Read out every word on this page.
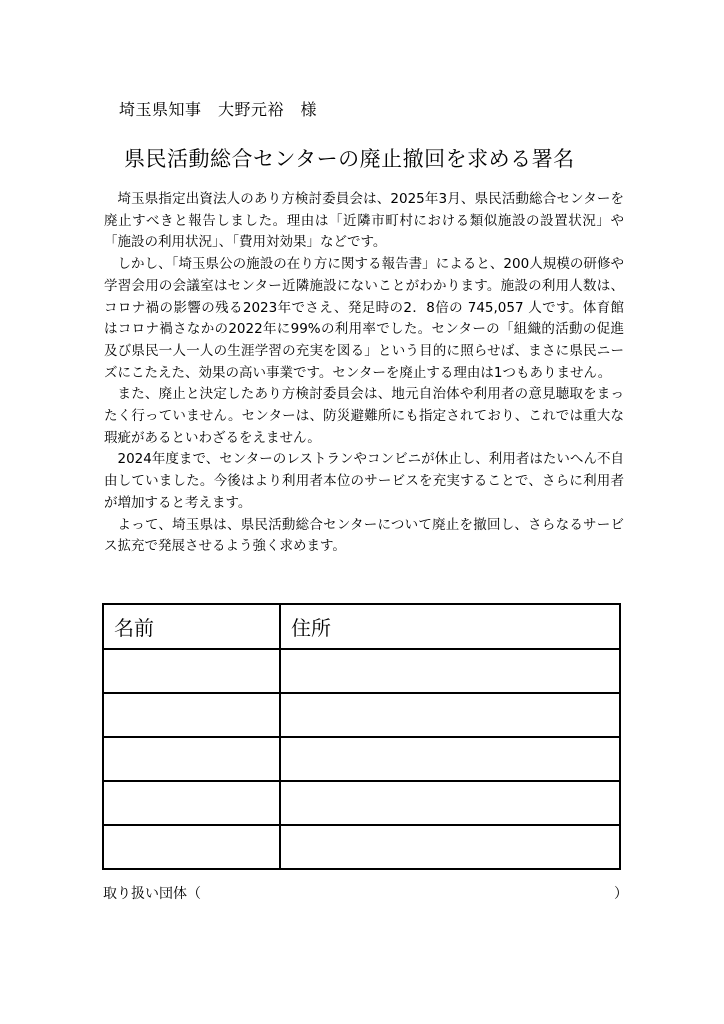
埼玉県知事　大野元裕　様
県民活動総合センターの廃止撤回を求める署名

埼玉県指定出資法人のあり方検討委員会は、2025年3月、県民活動総合センターを廃止すべきと報告しました。理由は「近隣市町村における類似施設の設置状況」や「施設の利用状況」、「費用対効果」などです。

しかし、「埼玉県公の施設の在り方に関する報告書」によると、200人規模の研修や学習会用の会議室はセンター近隣施設にないことがわかります。施設の利用人数は、コロナ禍の影響の残る2023年でさえ、発足時の2．8倍の 745,057 人です。体育館はコロナ禍さなかの2022年に99%の利用率でした。センターの「組織的活動の促進及び県民一人一人の生涯学習の充実を図る」という目的に照らせば、まさに県民ニーズにこたえた、効果の高い事業です。センターを廃止する理由は1つもありません。

また、廃止と決定したあり方検討委員会は、地元自治体や利用者の意見聴取をまったく行っていません。センターは、防災避難所にも指定されており、これでは重大な瑕疵があるといわざるをえません。

2024年度まで、センターのレストランやコンビニが休止し、利用者はたいへん不自由していました。今後はより利用者本位のサービスを充実することで、さらに利用者が増加すると考えます。

よって、埼玉県は、県民活動総合センターについて廃止を撤回し、さらなるサービス拡充で発展させるよう強く求めます。

名前	住所

取り扱い団体（	）
